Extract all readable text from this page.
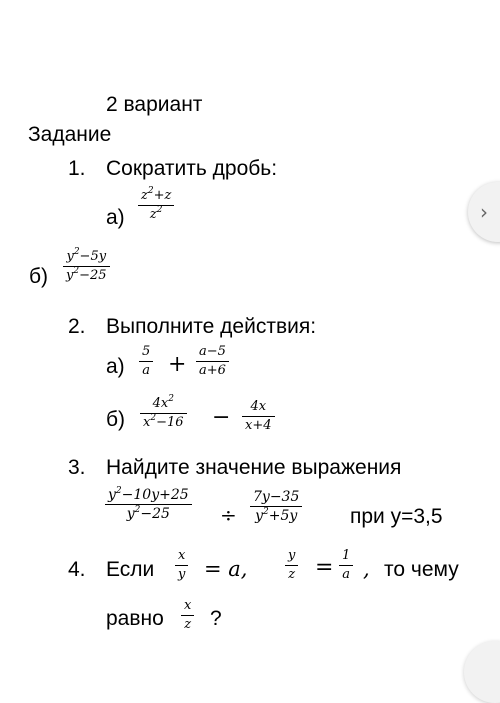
2 вариант
Задание
1. Сократить дробь:
а)
$z^2+z$
$z^2$
б)
$y^2-5y$
$y^2-25$
2. Выполните действия:
а)
5
a +
a−5
a+6
б)
$4x^2$
$x^2-16 - 4x$
x+4
3. Найдите значение выражения
$y^2-10y+25$
$y^2-25$	÷
7y−35
$y^2+5y$	при y=3,5
4. Если
x
y = a,
y
z = 1
a , то чему
равно
x
z ?
›
